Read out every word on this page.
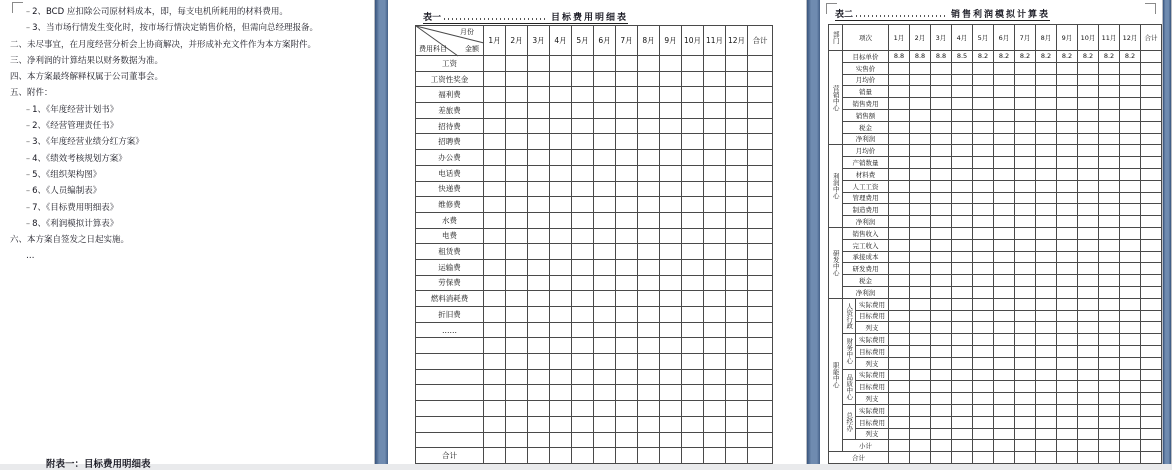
-- 2、BCD 应扣除公司原材料成本，即，每支电机所耗用的材料费用。
-- 3、当市场行情发生变化时，按市场行情决定销售价格，但需向总经理报备。
二、未尽事宜，在月度经营分析会上协商解决，并形成补充文件作为本方案附件。
三、净利润的计算结果以财务数据为准。
四、本方案最终解释权属于公司董事会。
五、附件：
-- 1、《年度经营计划书》
-- 2、《经营管理责任书》
-- 3、《年度经营业绩分红方案》
-- 4、《绩效考核规划方案》
-- 5、《组织架构图》
-- 6、《人员编制表》
-- 7、《目标费用明细表》
-- 8、《利润模拟计算表》
六、本方案自签发之日起实施。
…
附表一：目标费用明细表
表一	目标费用明细表
月份
金额
费用科目	1月	2月	3月	4月	5月	6月	7月	8月	9月	10月	11月	12月	合计
工资													
工资性奖金													
福利费													
差旅费													
招待费													
招聘费													
办公费													
电话费													
快递费													
维修费													
水费													
电费													
租赁费													
运输费													
劳保费													
燃料消耗费													
折旧费													
……													

合计													
表二	销售利润模拟计算表
部门	项次		1月	2月	3月	4月	5月	6月	7月	8月	9月	10月	11月	12月	合计
营销中心	目标单价		8.8	8.8	8.8	8.5	8.2	8.2	8.2	8.2	8.2	8.2	8.2	8.2	
	实售价														
	月均价														
	销量														
	销售费用														
	销售额														
	税金														
	净利润														
利润中心	月均价														
	产销数量														
	材料费														
	人工工资														
	管理费用														
	制造费用														
	净利润														
研发中心	销售收入														
	完工收入														
	承接成本														
	研发费用														
	税金														
	净利润														
职能中心	人资行政	实际费用													
		目标费用													
		列支													
	财务中心	实际费用													
		目标费用													
		列支													
	品质中心	实际费用													
		目标费用													
		列支													
	总经办	实际费用													
		目标费用													
		列支													
	小计														
合计															
